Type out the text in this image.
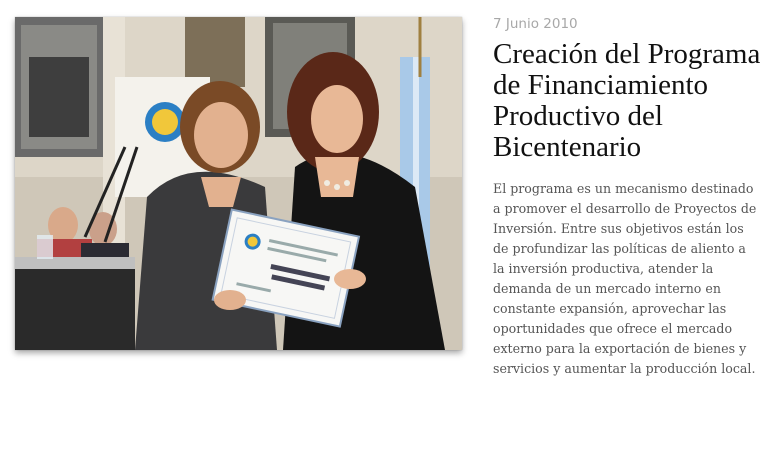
7 Junio 2010
Creación del Programa de Financiamiento Productivo del Bicentenario

El programa es un mecanismo destinado a promover el desarrollo de Proyectos de Inversión. Entre sus objetivos están los de profundizar las políticas de aliento a la inversión productiva, atender la demanda de un mercado interno en constante expansión, aprovechar las oportunidades que ofrece el mercado externo para la exportación de bienes y servicios y aumentar la producción local.
